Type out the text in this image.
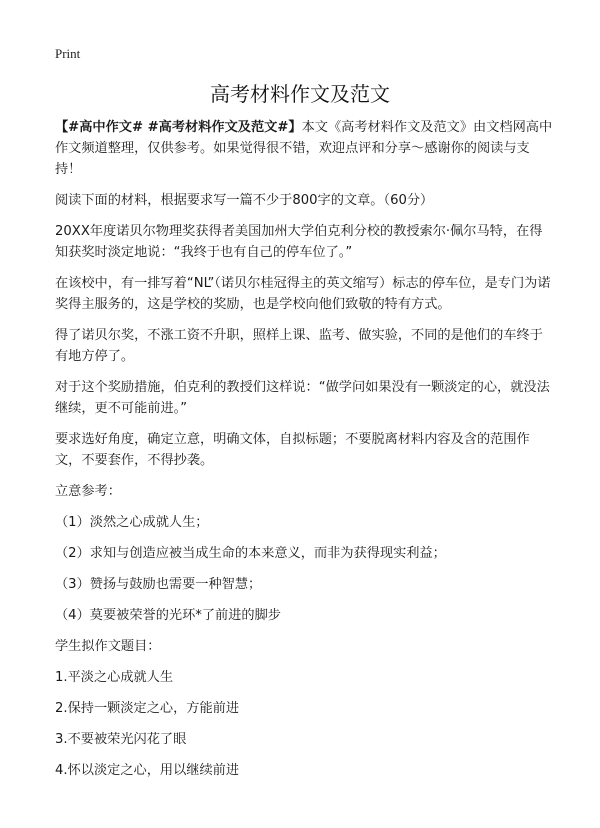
Print
高考材料作文及范文

【#高中作文# #高考材料作文及范文#】本文《高考材料作文及范文》由文档网高中作文频道整理，仅供参考。如果觉得很不错，欢迎点评和分享～感谢你的阅读与支持！

阅读下面的材料，根据要求写一篇不少于800字的文章。（60分）

20XX年度诺贝尔物理奖获得者美国加州大学伯克利分校的教授索尔·佩尔马特，在得知获奖时淡定地说：“我终于也有自己的停车位了。”

在该校中，有一排写着“NL”（诺贝尔桂冠得主的英文缩写）标志的停车位，是专门为诺奖得主服务的，这是学校的奖励，也是学校向他们致敬的特有方式。

得了诺贝尔奖，不涨工资不升职，照样上课、监考、做实验，不同的是他们的车终于有地方停了。

对于这个奖励措施，伯克利的教授们这样说：“做学问如果没有一颗淡定的心，就没法继续，更不可能前进。”

要求选好角度，确定立意，明确文体，自拟标题；不要脱离材料内容及含的范围作文，不要套作，不得抄袭。

立意参考：

（1）淡然之心成就人生；

（2）求知与创造应被当成生命的本来意义，而非为获得现实利益；

（3）赞扬与鼓励也需要一种智慧；

（4）莫要被荣誉的光环*了前进的脚步

学生拟作文题目：

1.平淡之心成就人生

2.保持一颗淡定之心，方能前进

3.不要被荣光闪花了眼

4.怀以淡定之心，用以继续前进
